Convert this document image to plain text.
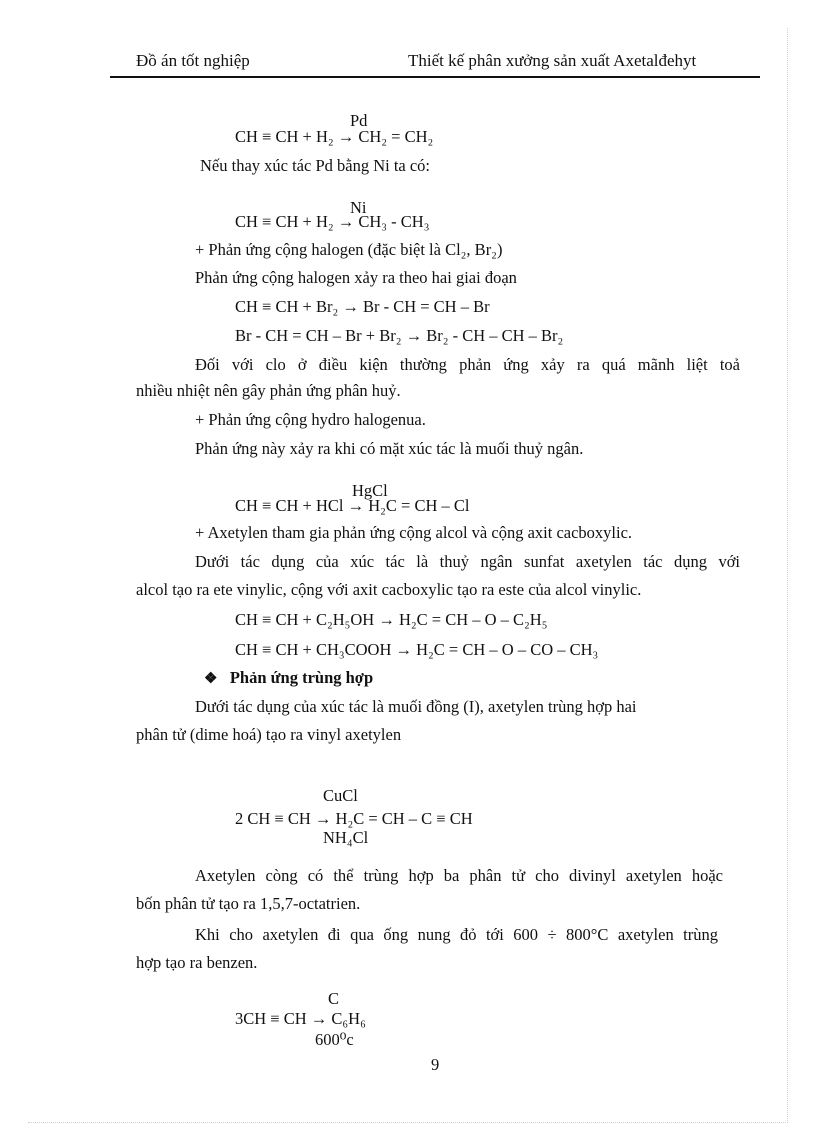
Đồ án tốt nghiệp	Thiết kế phân xưởng sản xuất Axetalđehyt
Pd
CH ≡ CH + H₂ → CH₂ = CH₂
Nếu thay xúc tác Pd bằng Ni ta có:
Ni
CH ≡ CH + H₂ → CH₃ - CH₃
+ Phản ứng cộng halogen (đặc biệt là Cl₂, Br₂)
Phản ứng cộng halogen xảy ra theo hai giai đoạn
CH ≡ CH + Br₂ → Br - CH = CH – Br
Br - CH = CH – Br + Br₂ → Br₂ - CH – CH – Br₂
Đối với clo ở điều kiện thường phản ứng xảy ra quá mãnh liệt toả
nhiều nhiệt nên gây phản ứng phân huỷ.
+ Phản ứng cộng hydro halogenua.
Phản ứng này xảy ra khi có mặt xúc tác là muối thuỷ ngân.
HgCl
CH ≡ CH + HCl → H₂C = CH – Cl
+ Axetylen tham gia phản ứng cộng alcol và cộng axit cacboxylic.
Dưới tác dụng của xúc tác là thuỷ ngân sunfat axetylen tác dụng với
alcol tạo ra ete vinylic, cộng với axit cacboxylic tạo ra este của alcol vinylic.
CH ≡ CH + C₂H₅OH → H₂C = CH – O – C₂H₅
CH ≡ CH + CH₃COOH → H₂C = CH – O – CO – CH₃
❖ Phản ứng trùng hợp
Dưới tác dụng của xúc tác là muối đồng (I), axetylen trùng hợp hai
phân tử (dime hoá) tạo ra vinyl axetylen
CuCl
2 CH ≡ CH → H₂C = CH – C ≡ CH
NH₄Cl
Axetylen còng có thể trùng hợp ba phân tử cho divinyl axetylen hoặc
bốn phân tử tạo ra 1,5,7-octatrien.
Khi cho axetylen đi qua ống nung đỏ tới 600 ÷ 800°C axetylen trùng
hợp tạo ra benzen.
C
3CH ≡ CH → C₆H₆
600⁰c
9
